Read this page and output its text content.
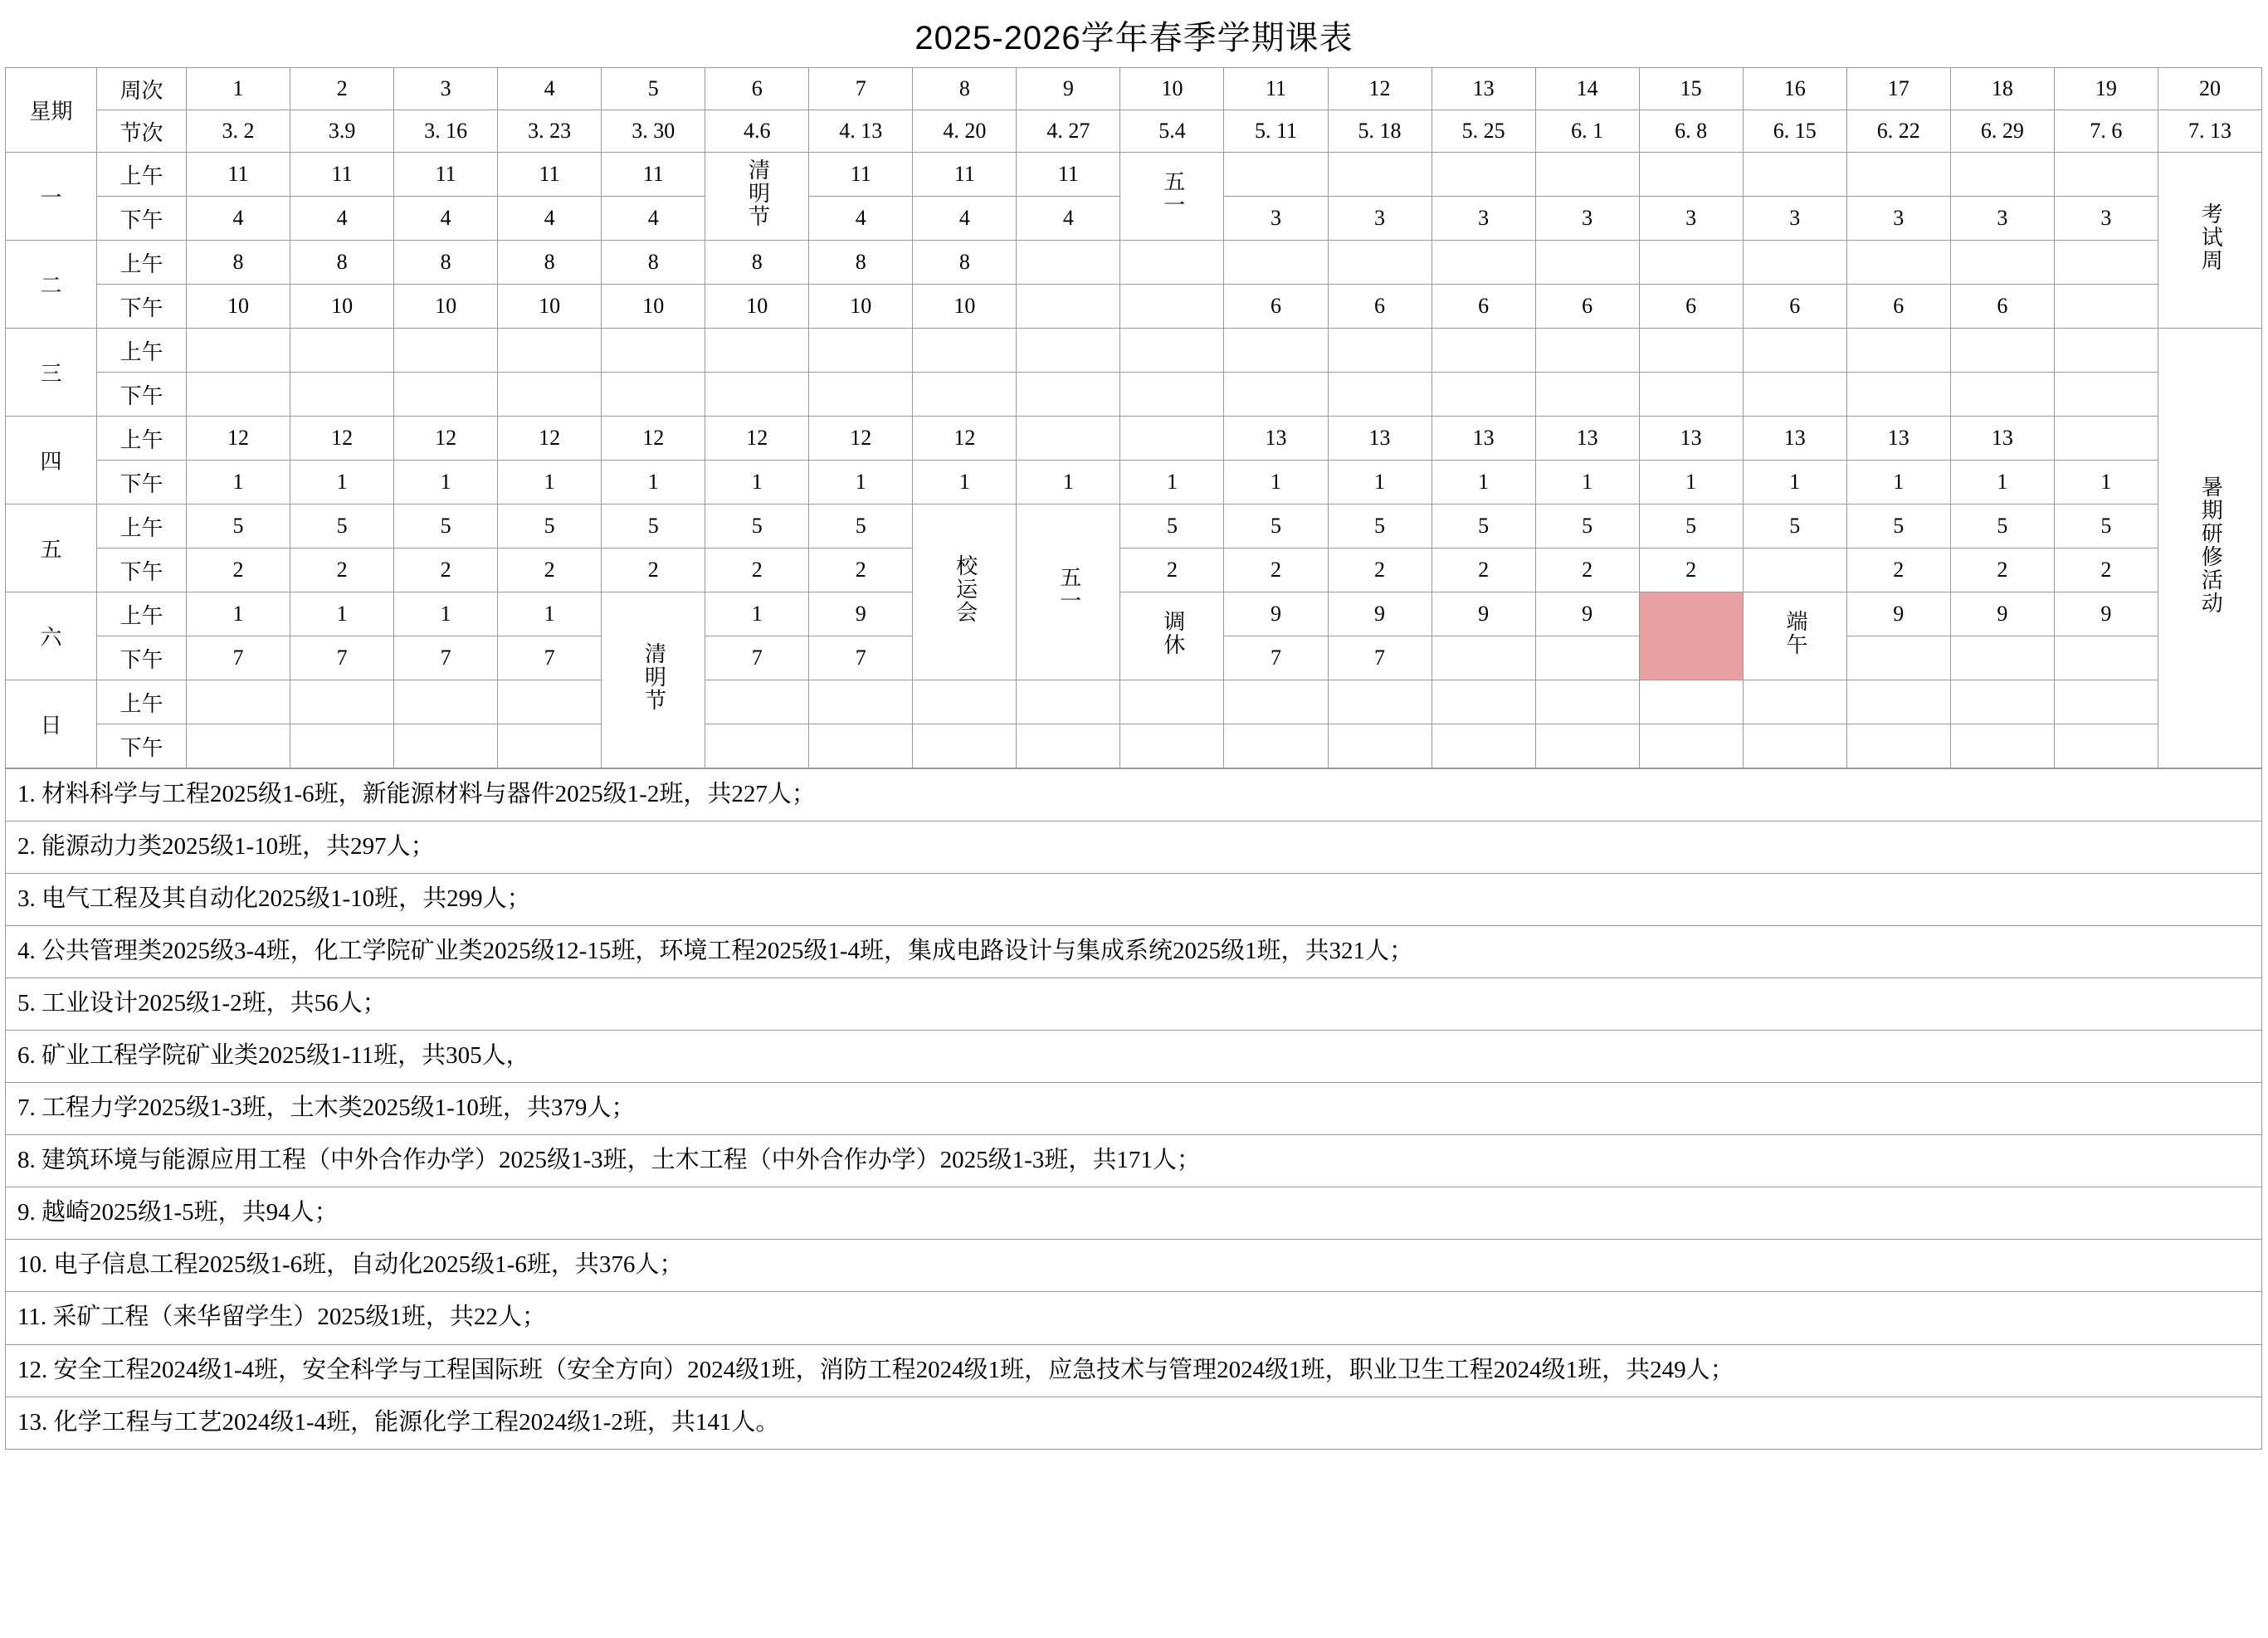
2025-2026学年春季学期课表
星期	周次	1	2	3	4	5	6	7	8	9	10	11	12	13	14	15	16	17	18	19	20
	节次	3. 2	3.9	3. 16	3. 23	3. 30	4.6	4. 13	4. 20	4. 27	5.4	5. 11	5. 18	5. 25	6. 1	6. 8	6. 15	6. 22	6. 29	7. 6	7. 13
一	上午	11	11	11	11	11	清明节	11	11	11	五一										考试周
	下午	4	4	4	4	4		4	4	4		3	3	3	3	3	3	3	3	3	
二	上午	8	8	8	8	8	8	8	8												
	下午	10	10	10	10	10	10	10	10			6	6	6	6	6	6	6	6		
三	上午																				暑期研修活动
	下午																				
四	上午	12	12	12	12	12	12	12	12			13	13	13	13	13	13	13	13		
	下午	1	1	1	1	1	1	1	1	1	1	1	1	1	1	1	1	1	1	1	
五	上午	5	5	5	5	5	5	5	校运会	五一	5	5	5	5	5	5	5	5	5	5	
	下午	2	2	2	2	2	2	2			2	2	2	2	2	2		2	2	2	
六	上午	1	1	1	1	清明节	1	9			调休	9	9	9	9		端午	9	9	9	
	下午	7	7	7	7		7	7				7	7								
日	上午																				
	下午																				
1. 材料科学与工程2025级1-6班，新能源材料与器件2025级1-2班，共227人；
2. 能源动力类2025级1-10班，共297人；
3. 电气工程及其自动化2025级1-10班，共299人；
4. 公共管理类2025级3-4班，化工学院矿业类2025级12-15班，环境工程2025级1-4班，集成电路设计与集成系统2025级1班，共321人；
5. 工业设计2025级1-2班，共56人；
6. 矿业工程学院矿业类2025级1-11班，共305人，
7. 工程力学2025级1-3班，土木类2025级1-10班，共379人；
8. 建筑环境与能源应用工程（中外合作办学）2025级1-3班，土木工程（中外合作办学）2025级1-3班，共171人；
9. 越崎2025级1-5班，共94人；
10. 电子信息工程2025级1-6班，自动化2025级1-6班，共376人；
11. 采矿工程（来华留学生）2025级1班，共22人；
12. 安全工程2024级1-4班，安全科学与工程国际班（安全方向）2024级1班，消防工程2024级1班，应急技术与管理2024级1班，职业卫生工程2024级1班，共249人；
13. 化学工程与工艺2024级1-4班，能源化学工程2024级1-2班，共141人。
